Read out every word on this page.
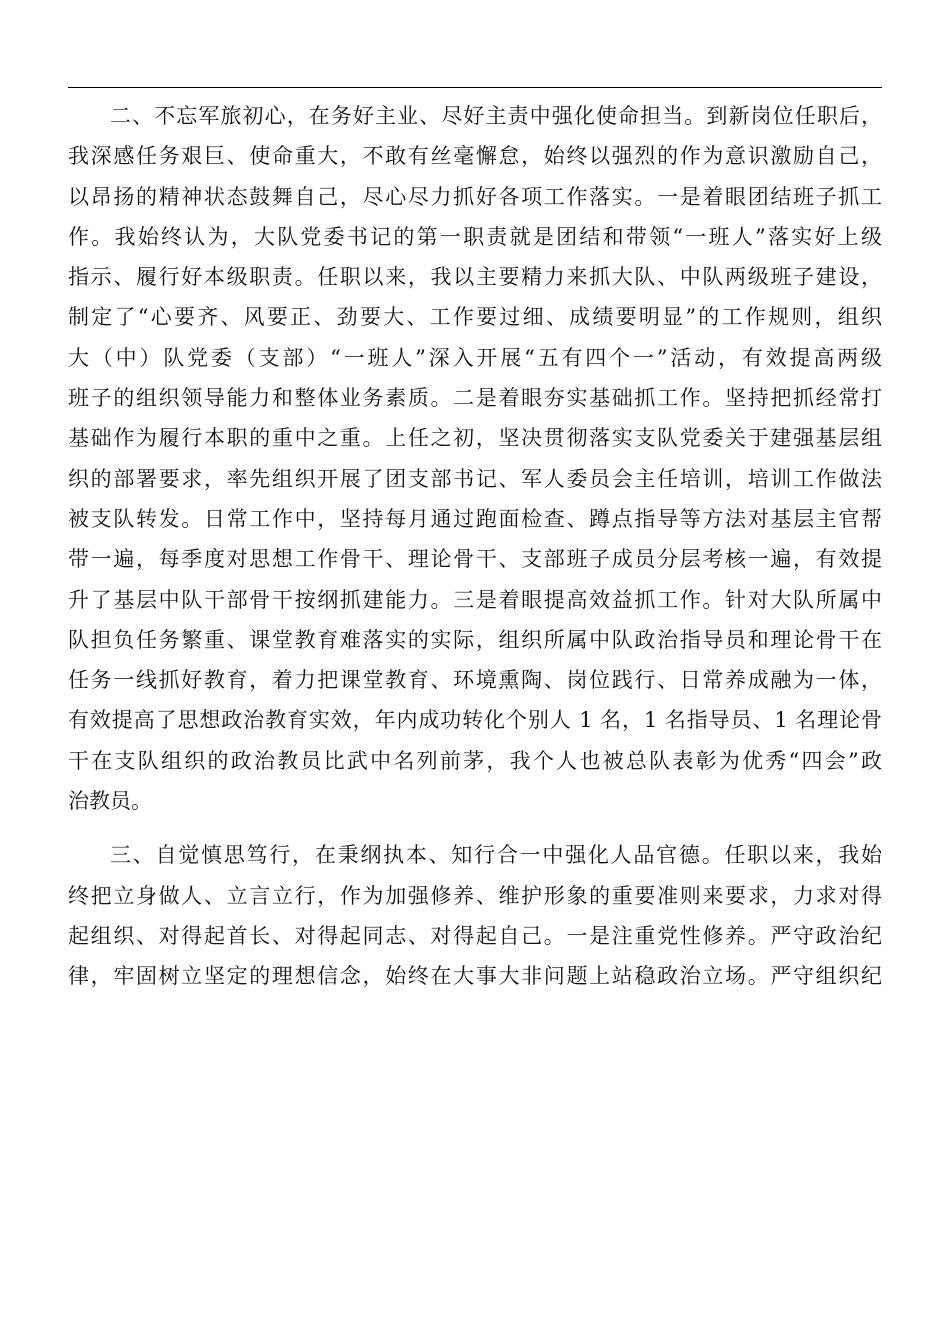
二、不忘军旅初心，在务好主业、尽好主责中强化使命担当。到新岗位任职后，
我深感任务艰巨、使命重大，不敢有丝毫懈怠，始终以强烈的作为意识激励自己，
以昂扬的精神状态鼓舞自己，尽心尽力抓好各项工作落实。一是着眼团结班子抓工
作。我始终认为，大队党委书记的第一职责就是团结和带领“一班人”落实好上级
指示、履行好本级职责。任职以来，我以主要精力来抓大队、中队两级班子建设，
制定了“心要齐、风要正、劲要大、工作要过细、成绩要明显”的工作规则，组织
大（中）队党委（支部）“一班人”深入开展“五有四个一”活动，有效提高两级
班子的组织领导能力和整体业务素质。二是着眼夯实基础抓工作。坚持把抓经常打
基础作为履行本职的重中之重。上任之初，坚决贯彻落实支队党委关于建强基层组
织的部署要求，率先组织开展了团支部书记、军人委员会主任培训，培训工作做法
被支队转发。日常工作中，坚持每月通过跑面检查、蹲点指导等方法对基层主官帮
带一遍，每季度对思想工作骨干、理论骨干、支部班子成员分层考核一遍，有效提
升了基层中队干部骨干按纲抓建能力。三是着眼提高效益抓工作。针对大队所属中
队担负任务繁重、课堂教育难落实的实际，组织所属中队政治指导员和理论骨干在
任务一线抓好教育，着力把课堂教育、环境熏陶、岗位践行、日常养成融为一体，
有效提高了思想政治教育实效，年内成功转化个别人 1 名，1 名指导员、1 名理论骨
干在支队组织的政治教员比武中名列前茅，我个人也被总队表彰为优秀“四会”政
治教员。
三、自觉慎思笃行，在秉纲执本、知行合一中强化人品官德。任职以来，我始
终把立身做人、立言立行，作为加强修养、维护形象的重要准则来要求，力求对得
起组织、对得起首长、对得起同志、对得起自己。一是注重党性修养。严守政治纪
律，牢固树立坚定的理想信念，始终在大事大非问题上站稳政治立场。严守组织纪
